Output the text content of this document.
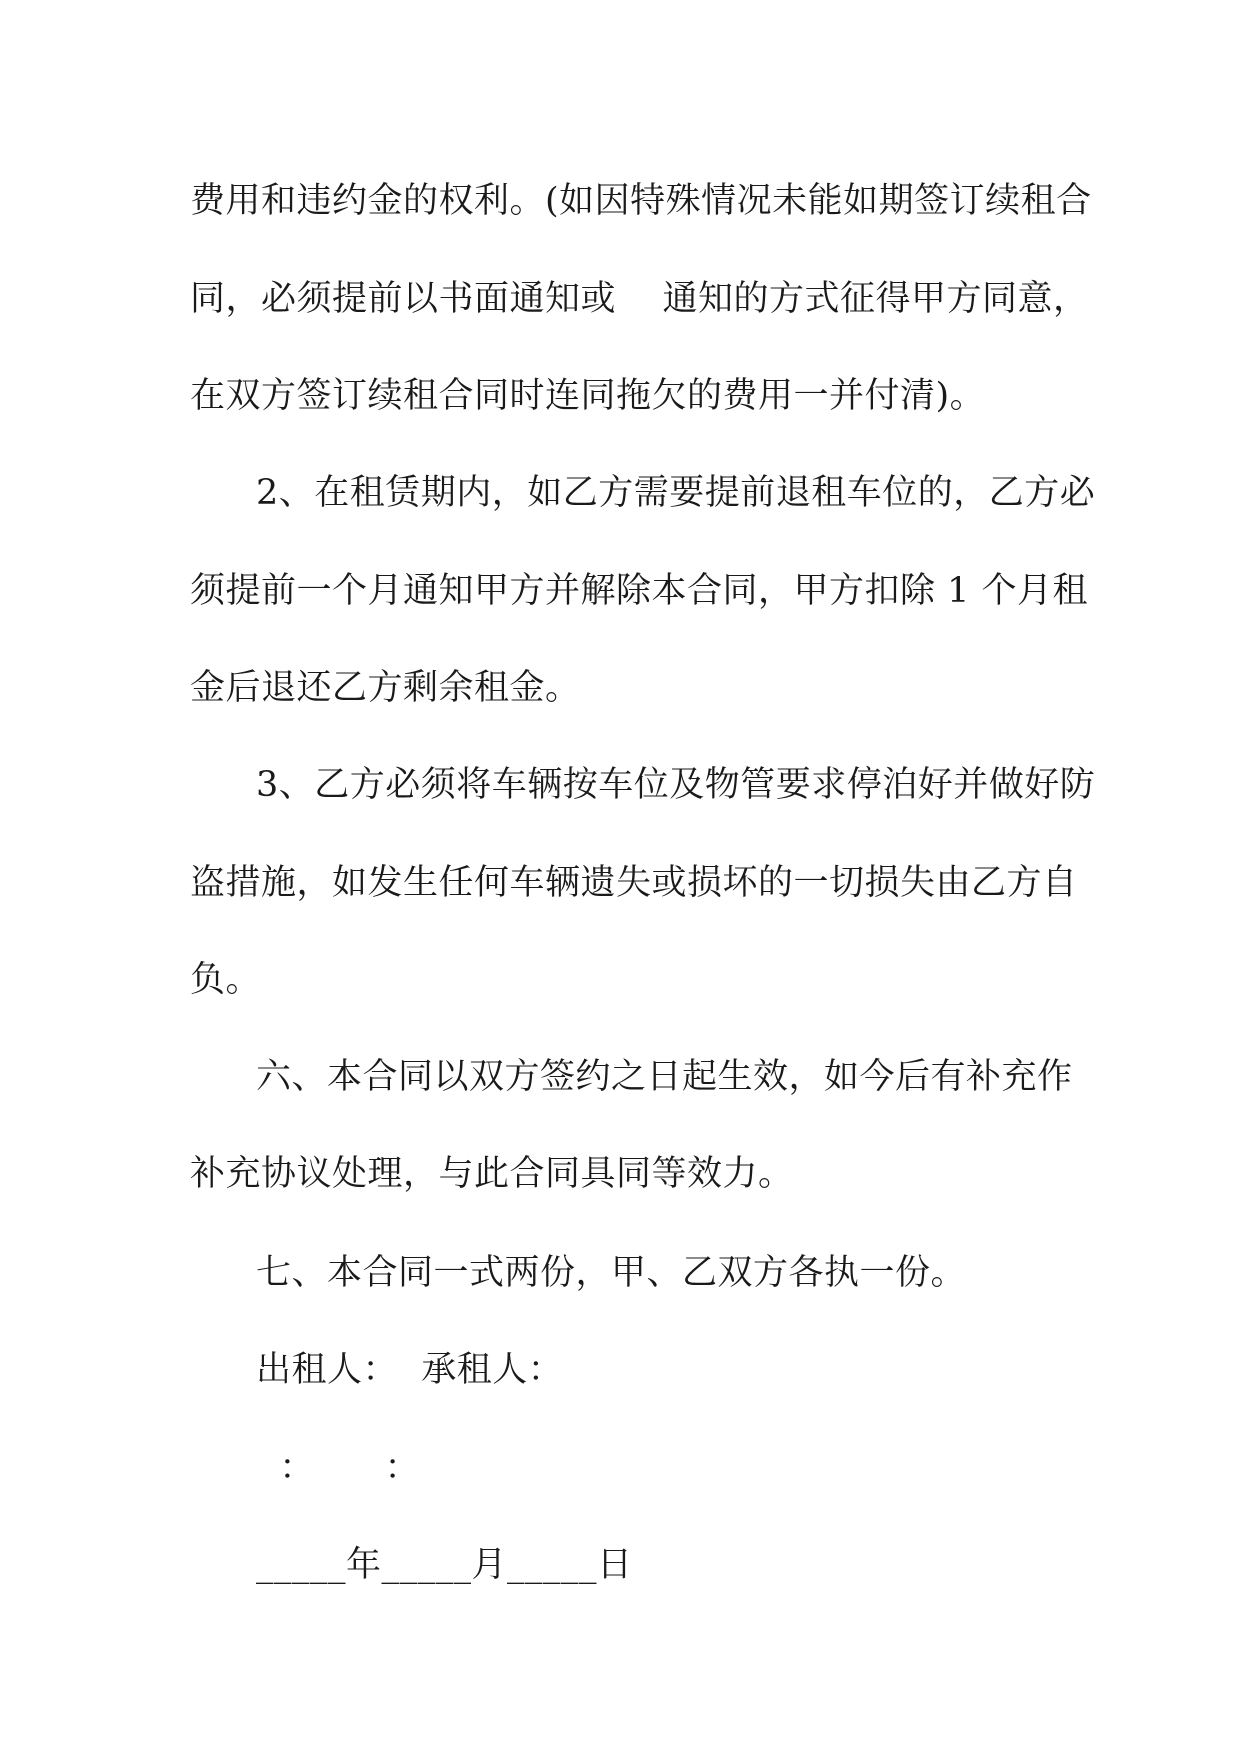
费用和违约金的权利。(如因特殊情况未能如期签订续租合
同，必须提前以书面通知或    通知的方式征得甲方同意，
在双方签订续租合同时连同拖欠的费用一并付清)。
2、在租赁期内，如乙方需要提前退租车位的，乙方必
须提前一个月通知甲方并解除本合同，甲方扣除 1 个月租
金后退还乙方剩余租金。
3、乙方必须将车辆按车位及物管要求停泊好并做好防
盗措施，如发生任何车辆遗失或损坏的一切损失由乙方自
负。
六、本合同以双方签约之日起生效，如今后有补充作
补充协议处理，与此合同具同等效力。
七、本合同一式两份，甲、乙双方各执一份。
出租人：  承租人：
：      ：
_____年_____月_____日
